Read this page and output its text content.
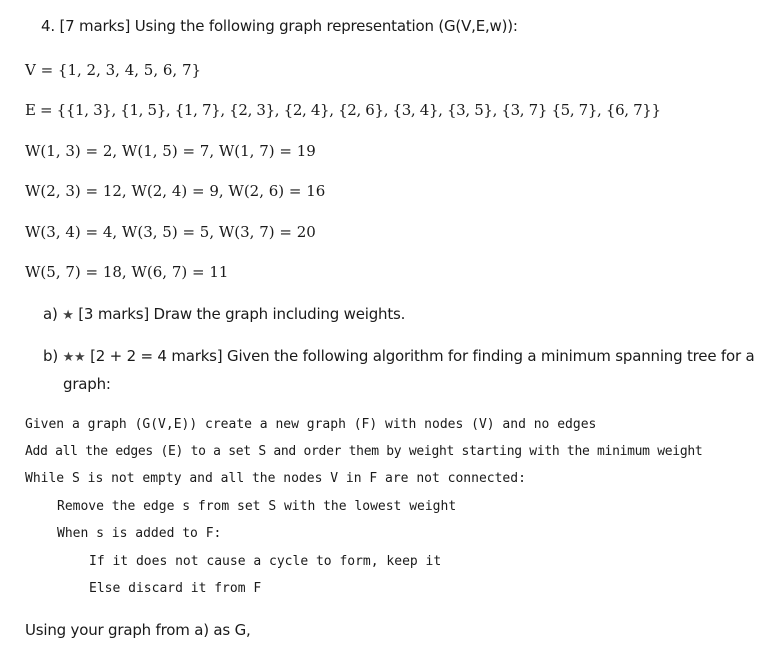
4. [7 marks] Using the following graph representation (G(V,E,w)):
V = {1, 2, 3, 4, 5, 6, 7}
E = {{1, 3}, {1, 5}, {1, 7}, {2, 3}, {2, 4}, {2, 6}, {3, 4}, {3, 5}, {3, 7} {5, 7}, {6, 7}}
W(1, 3) = 2, W(1, 5) = 7, W(1, 7) = 19
W(2, 3) = 12, W(2, 4) = 9, W(2, 6) = 16
W(3, 4) = 4, W(3, 5) = 5, W(3, 7) = 20
W(5, 7) = 18, W(6, 7) = 11
a) ★ [3 marks] Draw the graph including weights.
b) ★★ [2 + 2 = 4 marks] Given the following algorithm for finding a minimum spanning tree for a
graph:
Given a graph (G(V,E)) create a new graph (F) with nodes (V) and no edges
Add all the edges (E) to a set S and order them by weight starting with the minimum weight
While S is not empty and all the nodes V in F are not connected:
Remove the edge s from set S with the lowest weight
When s is added to F:
If it does not cause a cycle to form, keep it
Else discard it from F
Using your graph from a) as G,
